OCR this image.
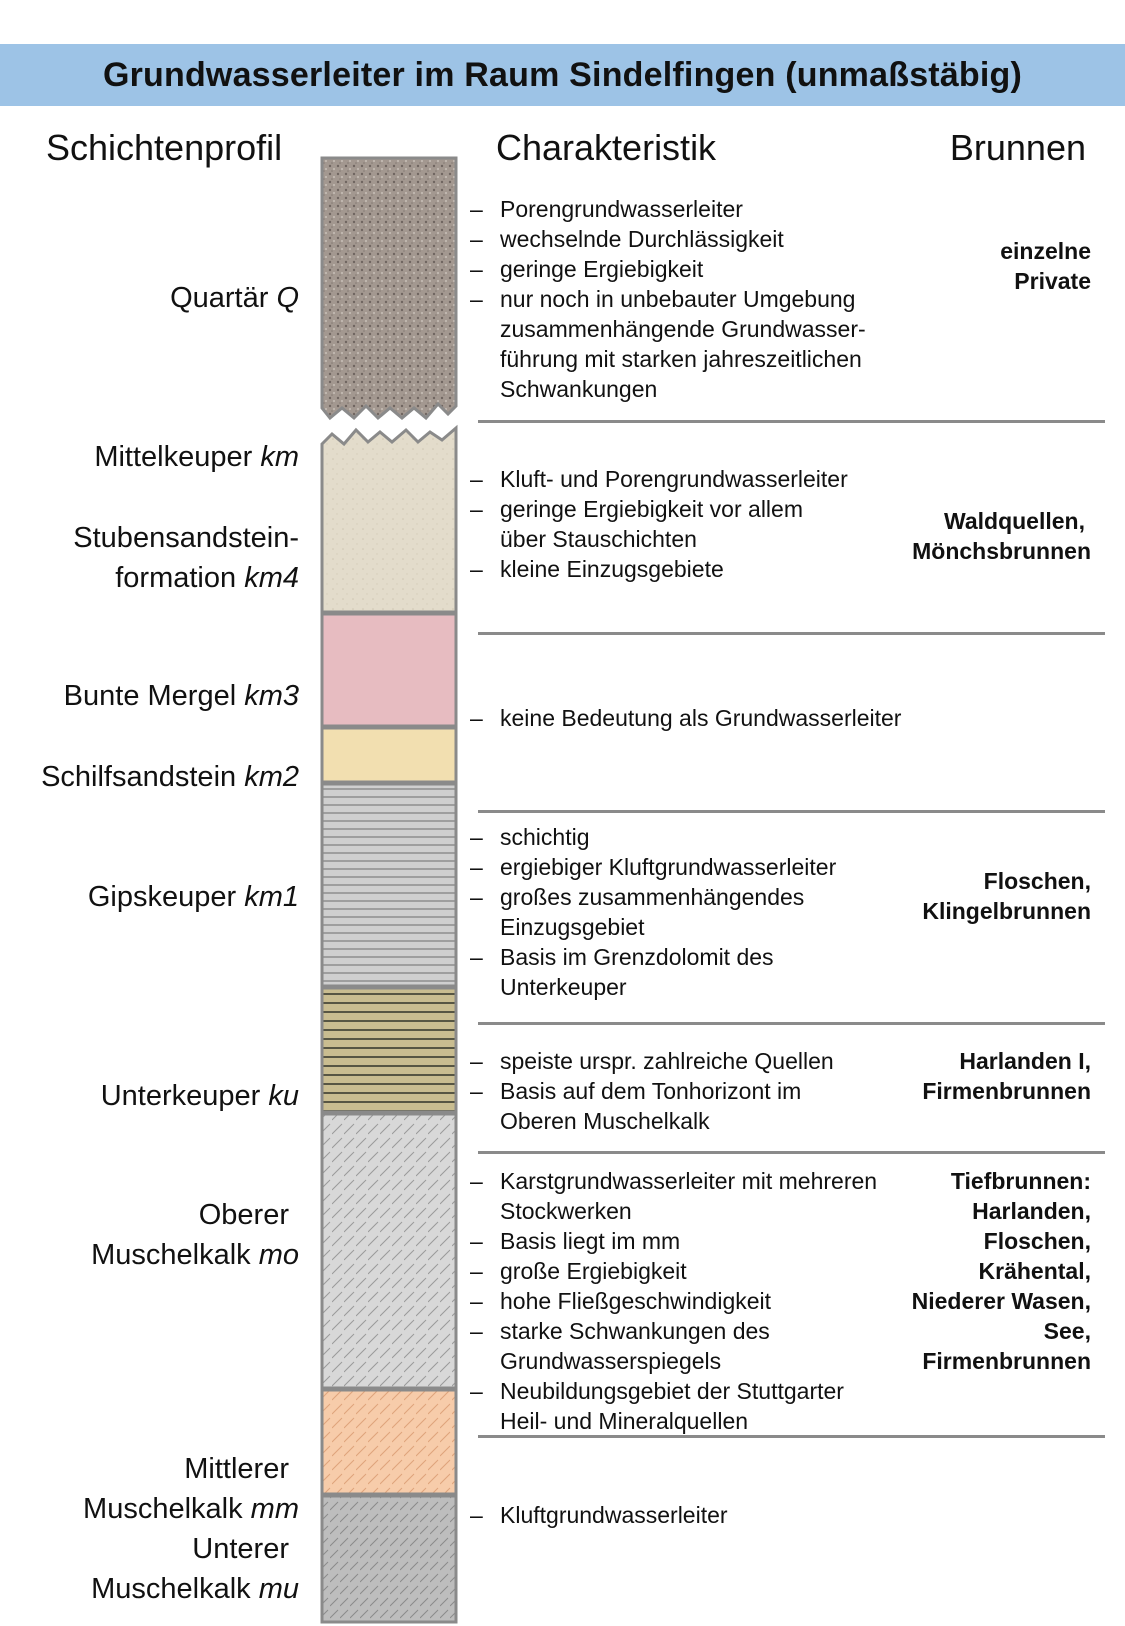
Grundwasserleiter im Raum Sindelfingen (unmaßstäbig)
Schichtenprofil	Charakteristik	Brunnen
Quartär Q
Mittelkeuper km
Stubensandstein-
formation km4
Bunte Mergel km3
Schilfsandstein km2
Gipskeuper km1
Unterkeuper ku
Oberer
Muschelkalk mo
Mittlerer
Muschelkalk mm
Unterer
Muschelkalk mu
– Porengrundwasserleiter
– wechselnde Durchlässigkeit
– geringe Ergiebigkeit
– nur noch in unbebauter Umgebung
zusammenhängende Grundwasser-
führung mit starken jahreszeitlichen
Schwankungen
einzelne
Private
– Kluft- und Porengrundwasserleiter
– geringe Ergiebigkeit vor allem
über Stauschichten
– kleine Einzugsgebiete
Waldquellen,
Mönchsbrunnen
– keine Bedeutung als Grundwasserleiter
– schichtig
– ergiebiger Kluftgrundwasserleiter
– großes zusammenhängendes
Einzugsgebiet
– Basis im Grenzdolomit des
Unterkeuper
Floschen,
Klingelbrunnen
– speiste urspr. zahlreiche Quellen
– Basis auf dem Tonhorizont im
Oberen Muschelkalk
Harlanden I,
Firmenbrunnen
– Karstgrundwasserleiter mit mehreren
Stockwerken
– Basis liegt im mm
– große Ergiebigkeit
– hohe Fließgeschwindigkeit
– starke Schwankungen des
Grundwasserspiegels
– Neubildungsgebiet der Stuttgarter
Heil- und Mineralquellen
Tiefbrunnen:
Harlanden,
Floschen,
Krähental,
Niederer Wasen,
See,
Firmenbrunnen
– Kluftgrundwasserleiter
